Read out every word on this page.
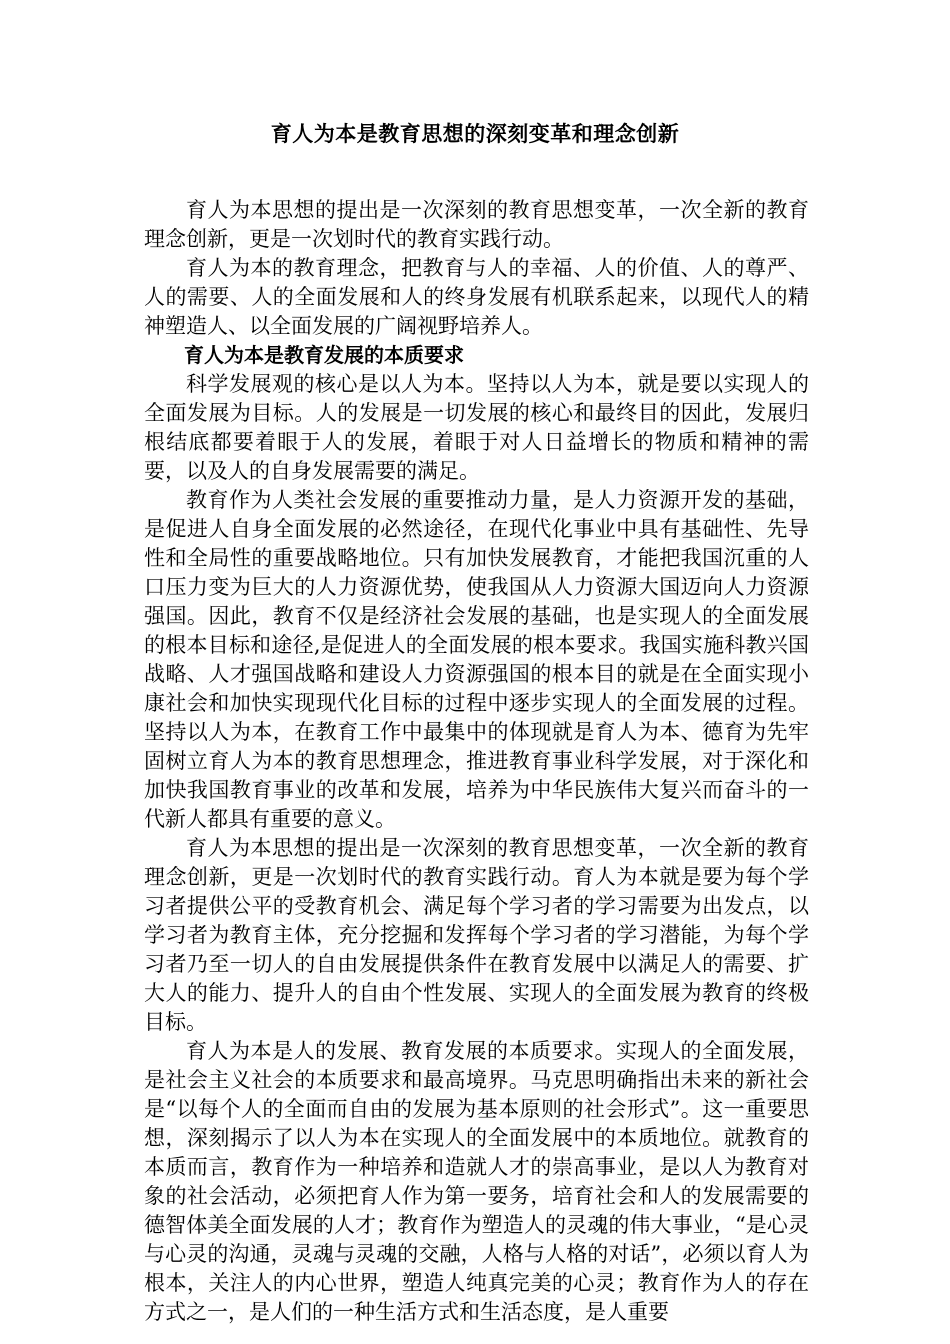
育人为本是教育思想的深刻变革和理念创新

育人为本思想的提出是一次深刻的教育思想变革，一次全新的教育理念创新，更是一次划时代的教育实践行动。

育人为本的教育理念，把教育与人的幸福、人的价值、人的尊严、人的需要、人的全面发展和人的终身发展有机联系起来，以现代人的精神塑造人、以全面发展的广阔视野培养人。

育人为本是教育发展的本质要求

科学发展观的核心是以人为本。坚持以人为本，就是要以实现人的全面发展为目标。人的发展是一切发展的核心和最终目的因此，发展归根结底都要着眼于人的发展，着眼于对人日益增长的物质和精神的需要，以及人的自身发展需要的满足。

教育作为人类社会发展的重要推动力量，是人力资源开发的基础，是促进人自身全面发展的必然途径，在现代化事业中具有基础性、先导性和全局性的重要战略地位。只有加快发展教育，才能把我国沉重的人口压力变为巨大的人力资源优势，使我国从人力资源大国迈向人力资源强国。因此，教育不仅是经济社会发展的基础，也是实现人的全面发展的根本目标和途径,是促进人的全面发展的根本要求。我国实施科教兴国战略、人才强国战略和建设人力资源强国的根本目的就是在全面实现小康社会和加快实现现代化目标的过程中逐步实现人的全面发展的过程。坚持以人为本，在教育工作中最集中的体现就是育人为本、德育为先牢固树立育人为本的教育思想理念，推进教育事业科学发展，对于深化和加快我国教育事业的改革和发展，培养为中华民族伟大复兴而奋斗的一代新人都具有重要的意义。

育人为本思想的提出是一次深刻的教育思想变革，一次全新的教育理念创新，更是一次划时代的教育实践行动。育人为本就是要为每个学习者提供公平的受教育机会、满足每个学习者的学习需要为出发点，以学习者为教育主体，充分挖掘和发挥每个学习者的学习潜能，为每个学习者乃至一切人的自由发展提供条件在教育发展中以满足人的需要、扩大人的能力、提升人的自由个性发展、实现人的全面发展为教育的终极目标。

育人为本是人的发展、教育发展的本质要求。实现人的全面发展，是社会主义社会的本质要求和最高境界。马克思明确指出未来的新社会是“以每个人的全面而自由的发展为基本原则的社会形式”。这一重要思想，深刻揭示了以人为本在实现人的全面发展中的本质地位。就教育的本质而言，教育作为一种培养和造就人才的崇高事业，是以人为教育对象的社会活动，必须把育人作为第一要务，培育社会和人的发展需要的德智体美全面发展的人才；教育作为塑造人的灵魂的伟大事业，“是心灵与心灵的沟通，灵魂与灵魂的交融，人格与人格的对话”，必须以育人为根本，关注人的内心世界，塑造人纯真完美的心灵；教育作为人的存在方式之一，是人们的一种生活方式和生活态度，是人重要
